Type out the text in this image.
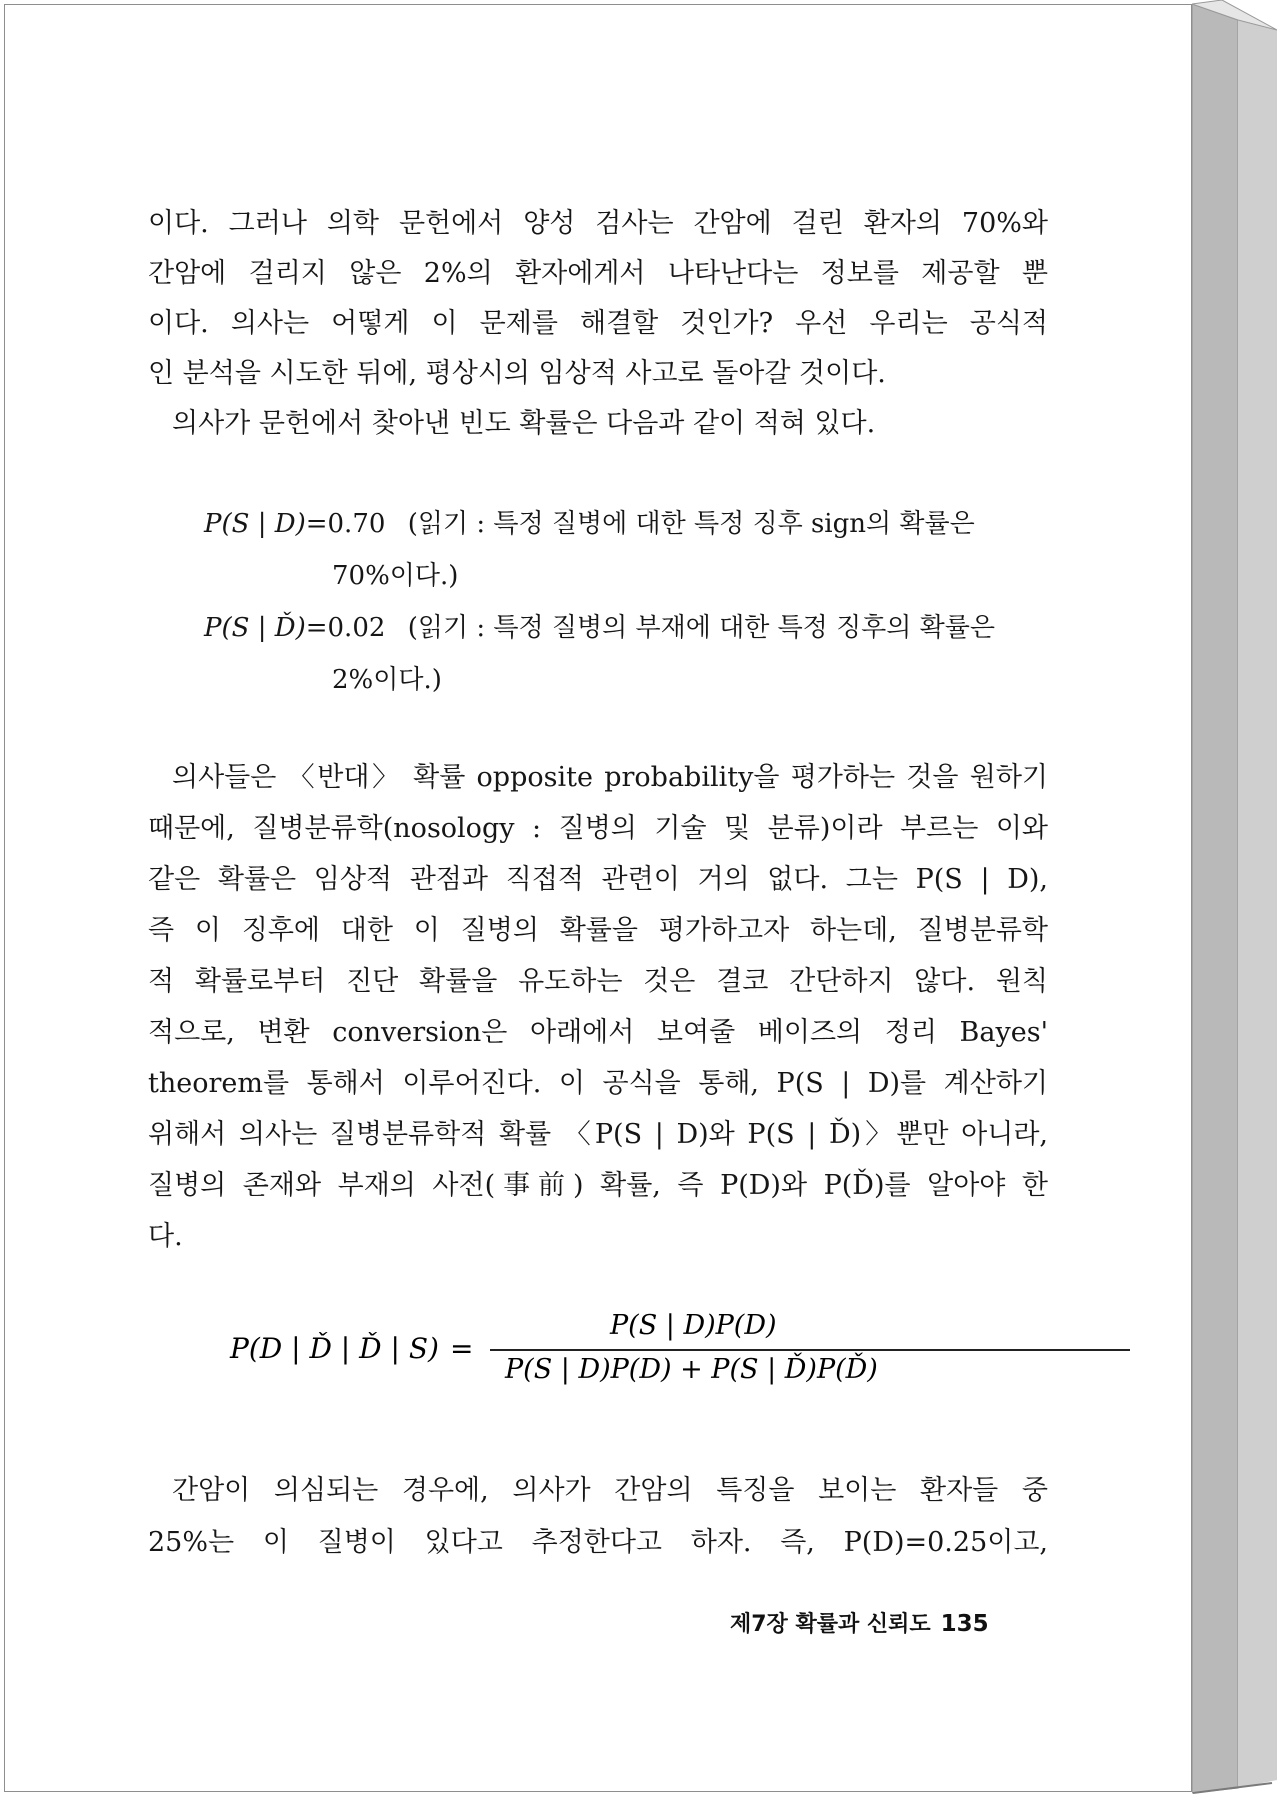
이다. 그러나 의학 문헌에서 양성 검사는 간암에 걸린 환자의 70%와
간암에 걸리지 않은 2%의 환자에게서 나타난다는 정보를 제공할 뿐
이다. 의사는 어떻게 이 문제를 해결할 것인가? 우선 우리는 공식적
인 분석을 시도한 뒤에, 평상시의 임상적 사고로 돌아갈 것이다.
의사가 문헌에서 찾아낸 빈도 확률은 다음과 같이 적혀 있다.
P(S | D)=0.70 (읽기 : 특정 질병에 대한 특정 징후 sign의 확률은
70%이다.)
P(S | Ď)=0.02 (읽기 : 특정 질병의 부재에 대한 특정 징후의 확률은
2%이다.)
의사들은 〈반대〉 확률 opposite probability을 평가하는 것을 원하기
때문에, 질병분류학(nosology : 질병의 기술 및 분류)이라 부르는 이와
같은 확률은 임상적 관점과 직접적 관련이 거의 없다. 그는 P(S | D),
즉 이 징후에 대한 이 질병의 확률을 평가하고자 하는데, 질병분류학
적 확률로부터 진단 확률을 유도하는 것은 결코 간단하지 않다. 원칙
적으로, 변환 conversion은 아래에서 보여줄 베이즈의 정리 Bayes'
theorem를 통해서 이루어진다. 이 공식을 통해, P(S | D)를 계산하기
위해서 의사는 질병분류학적 확률 〈P(S | D)와 P(S | Ď)〉뿐만 아니라,
질병의 존재와 부재의 사전(事前) 확률, 즉 P(D)와 P(Ď)를 알아야 한
다.
P(D | Ď | Ď | S) =
P(S | D)P(D)
P(S | D)P(D) + P(S | Ď)P(Ď)
간암이 의심되는 경우에, 의사가 간암의 특징을 보이는 환자들 중
25%는 이 질병이 있다고 추정한다고 하자. 즉, P(D)=0.25이고,
제7장 확률과 신뢰도 135
